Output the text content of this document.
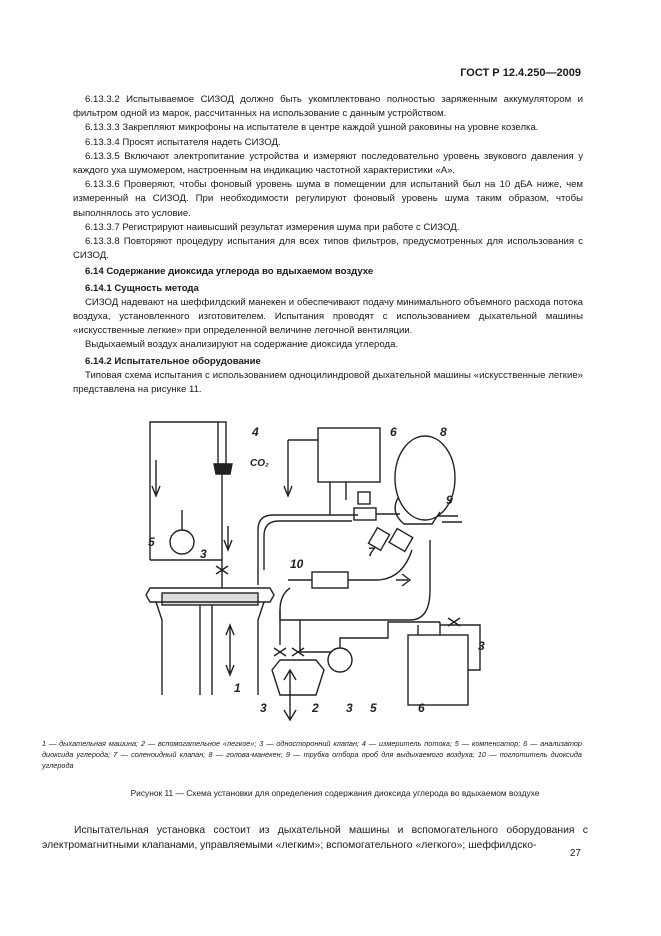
ГОСТ Р 12.4.250—2009

6.13.3.2 Испытываемое СИЗОД должно быть укомплектовано полностью заряженным аккумулятором и фильтром одной из марок, рассчитанных на использование с данным устройством.

6.13.3.3 Закрепляют микрофоны на испытателе в центре каждой ушной раковины на уровне козелка.

6.13.3.4 Просят испытателя надеть СИЗОД.

6.13.3.5 Включают электропитание устройства и измеряют последовательно уровень звукового давления у каждого уха шумомером, настроенным на индикацию частотной характеристики «А».

6.13.3.6 Проверяют, чтобы фоновый уровень шума в помещении для испытаний был на 10 дБА ниже, чем измеренный на СИЗОД. При необходимости регулируют фоновый уровень шума таким образом, чтобы выполнялось это условие.

6.13.3.7 Регистрируют наивысший результат измерения шума при работе с СИЗОД.

6.13.3.8 Повторяют процедуру испытания для всех типов фильтров, предусмотренных для использования с СИЗОД.

6.14 Содержание диоксида углерода во вдыхаемом воздухе

6.14.1 Сущность метода

СИЗОД надевают на шеффилдский манекен и обеспечивают подачу минимального объемного расхода потока воздуха, установленного изготовителем. Испытания проводят с использованием дыхательной машины «искусственные легкие» при определенной величине легочной вентиляции.

Выдыхаемый воздух анализируют на содержание диоксида углерода.

6.14.2 Испытательное оборудование

Типовая схема испытания с использованием одноцилиндровой дыхательной машины «искусственные легкие» представлена на рисунке 11.

1
2
3
3	3
3
4
5
5
6
6
7
8
9
10
CO₂
1 — дыхательная машина; 2 — вспомогательное «легкое»; 3 — односторонний клапан; 4 — измеритель потока; 5 — компенсатор; 6 — анализатор диоксида углерода; 7 — соленоидный клапан; 8 — голова-манекен; 9 — трубка отбора проб для выдыхаемого воздуха; 10 — поглотитель диоксида углерода
Рисунок 11 — Схема установки для определения содержания диоксида углерода во вдыхаемом воздухе

Испытательная установка состоит из дыхательной машины и вспомогательного оборудования с электромагнитными клапанами, управляемыми «легким»; вспомогательного «легкого»; шеффилдско-

27
